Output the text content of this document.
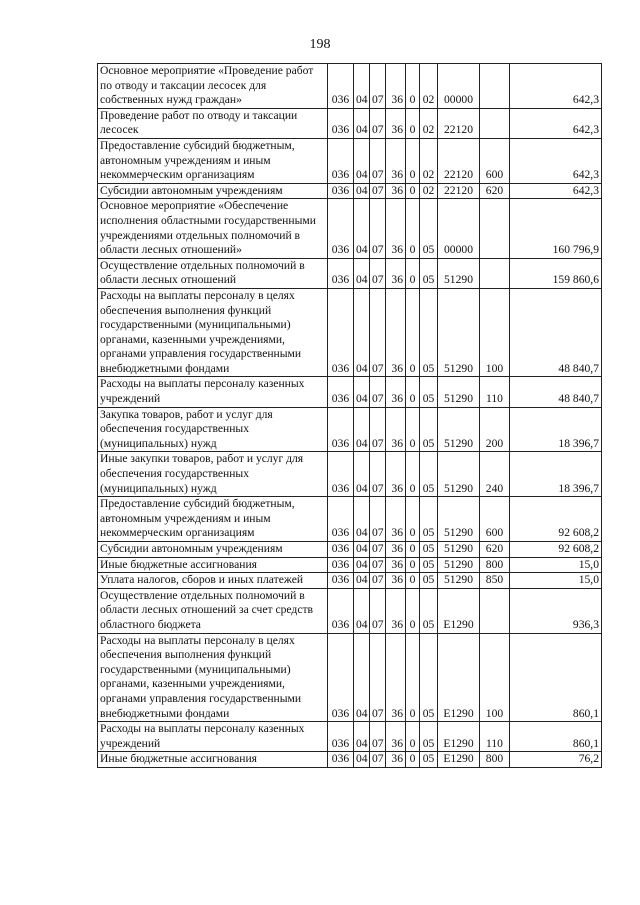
198
Основное мероприятие «Проведение работ по отводу и таксации лесосек для собственных нужд граждан»	036	04	07	36	0	02	00000		642,3
Проведение работ по отводу и таксации лесосек	036	04	07	36	0	02	22120		642,3
Предоставление субсидий бюджетным, автономным учреждениям и иным некоммерческим организациям	036	04	07	36	0	02	22120	600	642,3
Субсидии автономным учреждениям	036	04	07	36	0	02	22120	620	642,3
Основное мероприятие «Обеспечение исполнения областными государственными учреждениями отдельных полномочий в области лесных отношений»	036	04	07	36	0	05	00000		160 796,9
Осуществление отдельных полномочий в области лесных отношений	036	04	07	36	0	05	51290		159 860,6
Расходы на выплаты персоналу в целях обеспечения выполнения функций государственными (муниципальными) органами, казенными учреждениями, органами управления государственными внебюджетными фондами	036	04	07	36	0	05	51290	100	48 840,7
Расходы на выплаты персоналу казенных учреждений	036	04	07	36	0	05	51290	110	48 840,7
Закупка товаров, работ и услуг для обеспечения государственных (муниципальных) нужд	036	04	07	36	0	05	51290	200	18 396,7
Иные закупки товаров, работ и услуг для обеспечения государственных (муниципальных) нужд	036	04	07	36	0	05	51290	240	18 396,7
Предоставление субсидий бюджетным, автономным учреждениям и иным некоммерческим организациям	036	04	07	36	0	05	51290	600	92 608,2
Субсидии автономным учреждениям	036	04	07	36	0	05	51290	620	92 608,2
Иные бюджетные ассигнования	036	04	07	36	0	05	51290	800	15,0
Уплата налогов, сборов и иных платежей	036	04	07	36	0	05	51290	850	15,0
Осуществление отдельных полномочий в области лесных отношений за счет средств областного бюджета	036	04	07	36	0	05	Е1290		936,3
Расходы на выплаты персоналу в целях обеспечения выполнения функций государственными (муниципальными) органами, казенными учреждениями, органами управления государственными внебюджетными фондами	036	04	07	36	0	05	Е1290	100	860,1
Расходы на выплаты персоналу казенных учреждений	036	04	07	36	0	05	Е1290	110	860,1
Иные бюджетные ассигнования	036	04	07	36	0	05	Е1290	800	76,2
